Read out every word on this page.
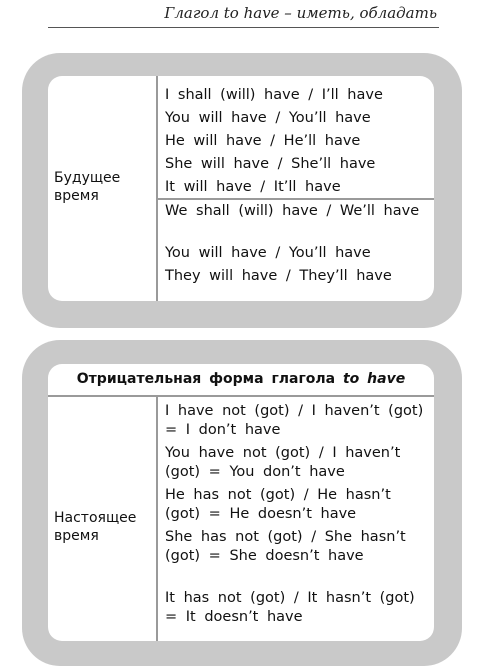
Глагол to have – иметь, обладать
Будущее
время
I shall (will) have / I’ll have
You will have / You’ll have
He will have / He’ll have
She will have / She’ll have
It will have / It’ll have
We shall (will) have / We’ll have
You will have / You’ll have
They will have / They’ll have
Отрицательная форма глагола to have
Настоящее
время
I have not (got) / I haven’t (got) = I don’t have
You have not (got) / I haven’t (got) = You don’t have
He has not (got) / He hasn’t (got) = He doesn’t have
She has not (got) / She hasn’t (got) = She doesn’t have
It has not (got) / It hasn’t (got) = It doesn’t have
